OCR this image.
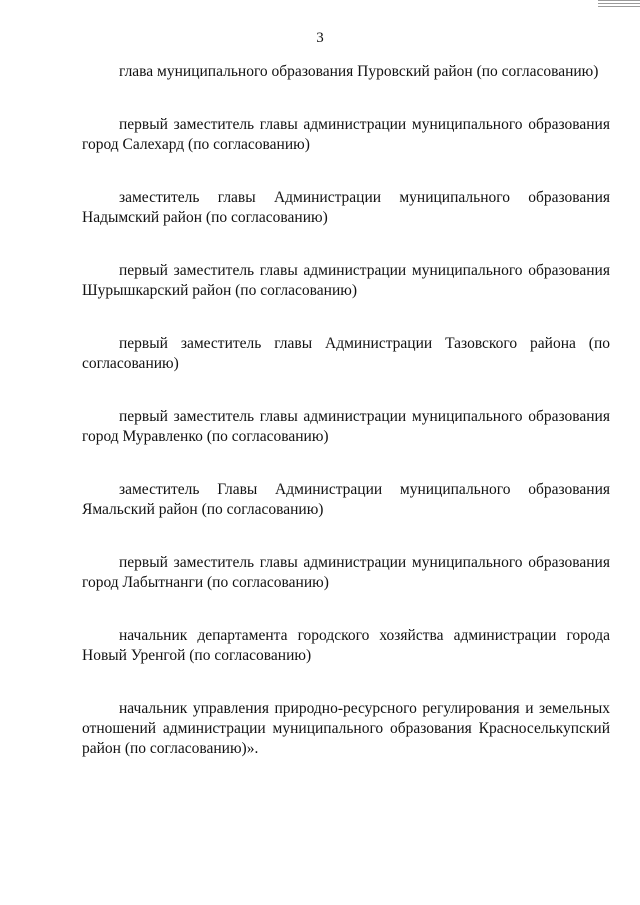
3

глава муниципального образования Пуровский район (по согласованию)

первый заместитель главы администрации муниципального образования город Салехард (по согласованию)

заместитель главы Администрации муниципального образования Надымский район (по согласованию)

первый заместитель главы администрации муниципального образования Шурышкарский район (по согласованию)

первый заместитель главы Администрации Тазовского района (по согласованию)

первый заместитель главы администрации муниципального образования город Муравленко (по согласованию)

заместитель Главы Администрации муниципального образования Ямальский район (по согласованию)

первый заместитель главы администрации муниципального образования город Лабытнанги (по согласованию)

начальник департамента городского хозяйства администрации города Новый Уренгой (по согласованию)

начальник управления природно-ресурсного регулирования и земельных отношений администрации муниципального образования Красноселькупский район (по согласованию)».
